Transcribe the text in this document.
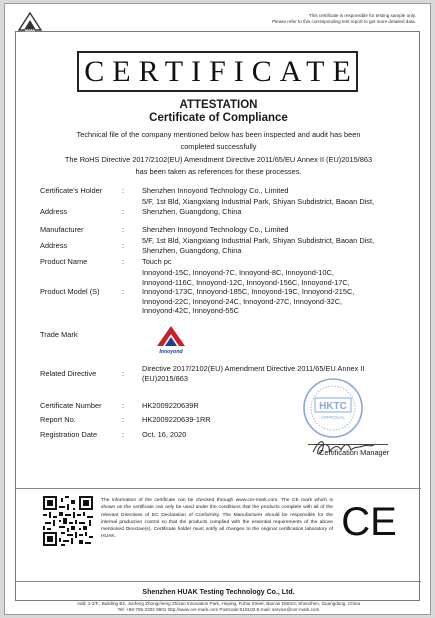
HUAK
This certificate is responsible for testing sample only.
Please refer to this corresponding test report to get more detailed data.
CERTIFICATE
ATTESTATION
Certificate of Compliance
Technical file of the company mentioned below has been inspected and audit has been
completed successfully
The RoHS Directive 2017/2102(EU) Amendment Directive 2011/65/EU Annex II (EU)2015/863
has been taken as references for these processes.
Certificate's Holder	: Shenzhen Innoyond Technology Co., Limited
Address	:
5/F, 1st Bld, Xiangxiang Industrial Park, Shiyan Subdistrict, Baoan Dist,
Shenzhen, Guangdong, China
Manufacturer	: Shenzhen Innoyond Technology Co., Limited
Address	:
5/F, 1st Bld, Xiangxiang Industrial Park, Shiyan Subdistrict, Baoan Dist,
Shenzhen, Guangdong, China
Product Name	: Touch pc
Product Model (S)	:
Innoyond-15C, Innoyond-7C, Innoyond-8C, Innoyond-10C,
Innoyond-116C, Innoyond-12C, Innoyond-156C, Innoyond-17C,
Innoyond-173C, Innoyond-185C, Innoyond-19C, Innoyond-215C,
Innoyond-22C, Innoyond-24C, Innoyond-27C, Innoyond-32C,
Innoyond-42C, Innoyond-55C
Trade Mark
Innoyond
Related Directive	:
Directive 2017/2102(EU) Amendment Directive 2011/65/EU Annex II
(EU)2015/863
Certificate Number	: HK2009220639R
Report No.	: HK2009220639-1RR
Registration Date	: Oct. 16, 2020
HKTC
APPROVAL
Certification Manager
The information of the certificate can be checked through www.cer-mark.com. The CE mark which is shown on the certificate can only be used under the conditions that the products complete with all of the relevant Directives of EC Declaration of Conformity. The Manufacturer should be responsible for the internal production control so that the products complied with the essential requirements of the above mentioned Directive(s). Certificate holder must notify all changes to the original certification laboratory of HUAK.	CE
Shenzhen HUAK Testing Technology Co., Ltd.
Add: 1-2/F., Building B2, Junfeng Zhongcheng Zhizao Innovation Park, Heping, Fuhai Street, Bao'an District, Shenzhen, Guangdong, China
Tel: +86-755-2302 9901 http://www.cer-mark.com Postcode:518103 E-mail: service@cer-mark.com
